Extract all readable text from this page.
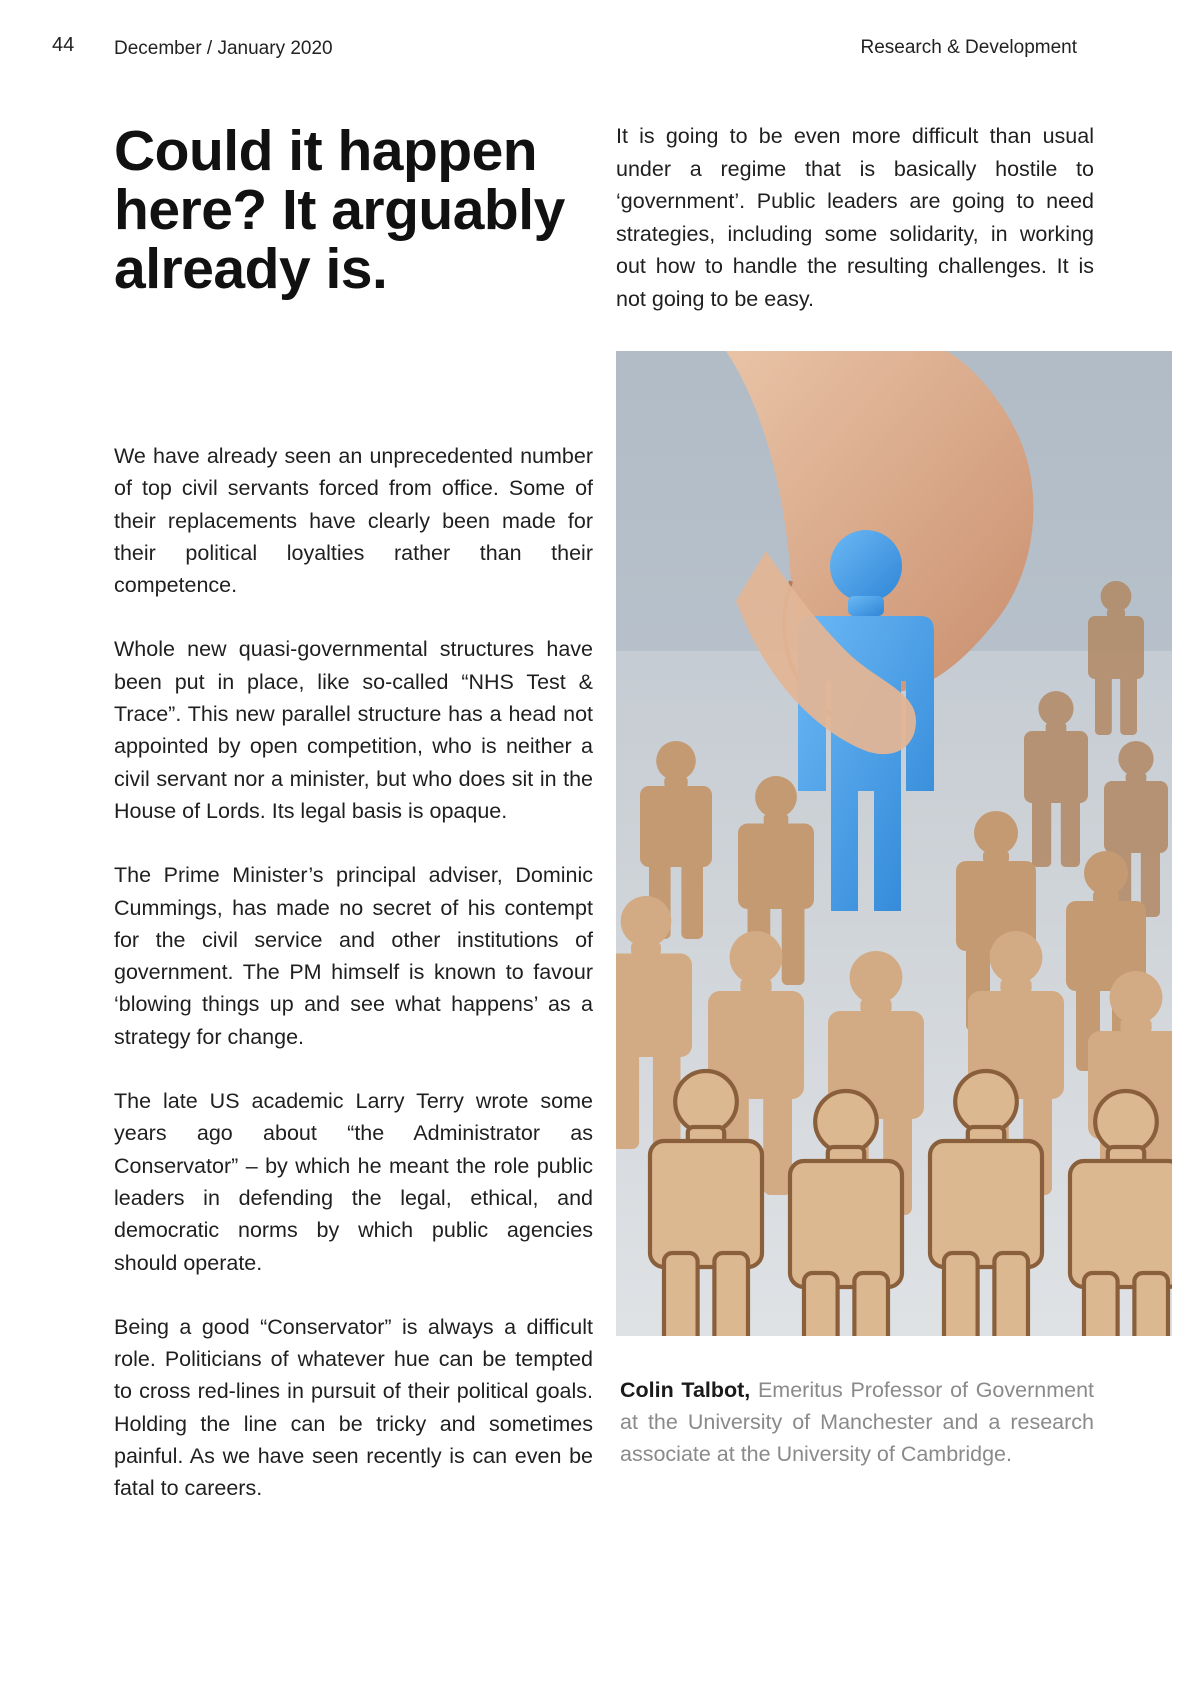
44 December / January 2020	Research & Development
Could it happen here? It arguably already is.

It is going to be even more difficult than usual under a regime that is basically hostile to ‘government’. Public leaders are going to need strategies, including some solidarity, in working out how to handle the resulting challenges. It is not going to be easy.

We have already seen an unprecedented number of top civil servants forced from office. Some of their replacements have clearly been made for their political loyalties rather than their competence.

Whole new quasi-governmental structures have been put in place, like so-called “NHS Test & Trace”. This new parallel structure has a head not appointed by open competition, who is neither a civil servant nor a minister, but who does sit in the House of Lords. Its legal basis is opaque.

The Prime Minister’s principal adviser, Dominic Cummings, has made no secret of his contempt for the civil service and other institutions of government. The PM himself is known to favour ‘blowing things up and see what happens’ as a strategy for change.

The late US academic Larry Terry wrote some years ago about “the Administrator as Conservator” – by which he meant the role public leaders in defending the legal, ethical, and democratic norms by which public agencies should operate.

Being a good “Conservator” is always a difficult role. Politicians of whatever hue can be tempted to cross red-lines in pursuit of their political goals. Holding the line can be tricky and sometimes painful. As we have seen recently is can even be fatal to careers.

Colin Talbot, Emeritus Professor of Government at the University of Manchester and a research associate at the University of Cambridge.
